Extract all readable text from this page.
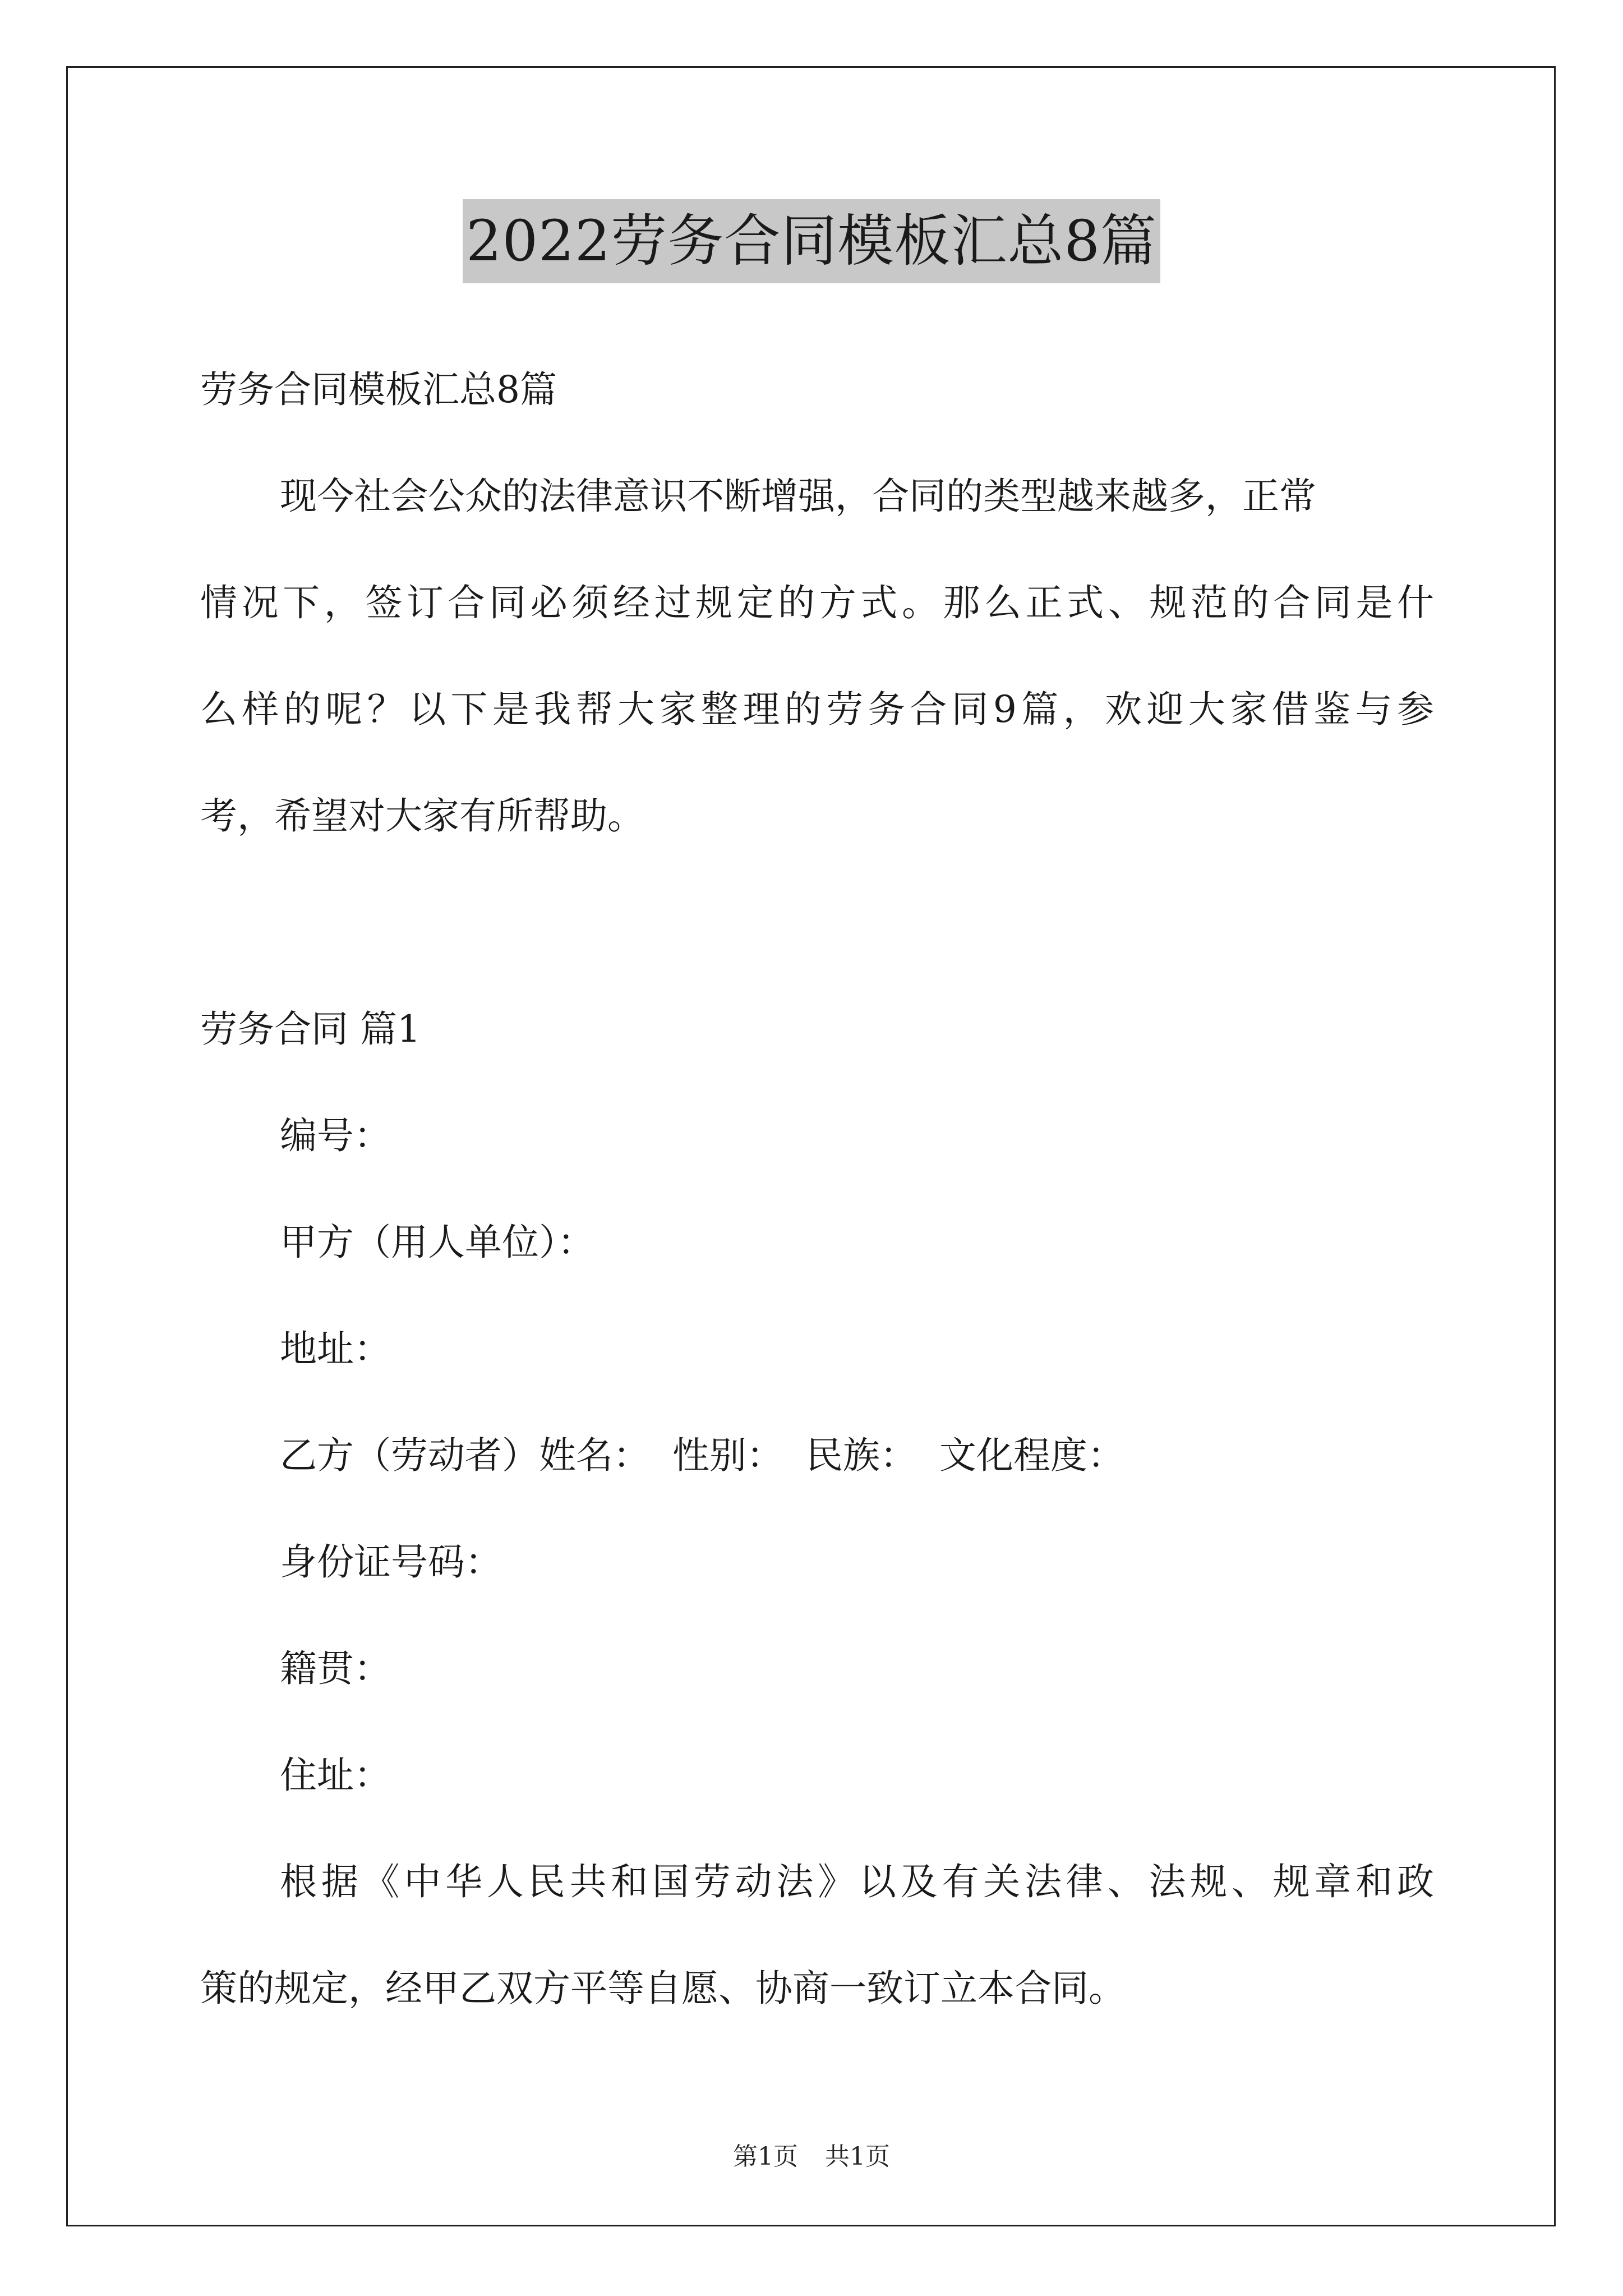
2022劳务合同模板汇总8篇
劳务合同模板汇总8篇
现今社会公众的法律意识不断增强，合同的类型越来越多，正常
情况下，签订合同必须经过规定的方式。那么正式、规范的合同是什
么样的呢？以下是我帮大家整理的劳务合同9篇，欢迎大家借鉴与参
考，希望对大家有所帮助。
劳务合同 篇1
编号：
甲方（用人单位）：
地址：
乙方（劳动者）姓名： 性别： 民族： 文化程度：
身份证号码：
籍贯：
住址：
根据《中华人民共和国劳动法》以及有关法律、法规、规章和政
策的规定，经甲乙双方平等自愿、协商一致订立本合同。
第1页 共1页
